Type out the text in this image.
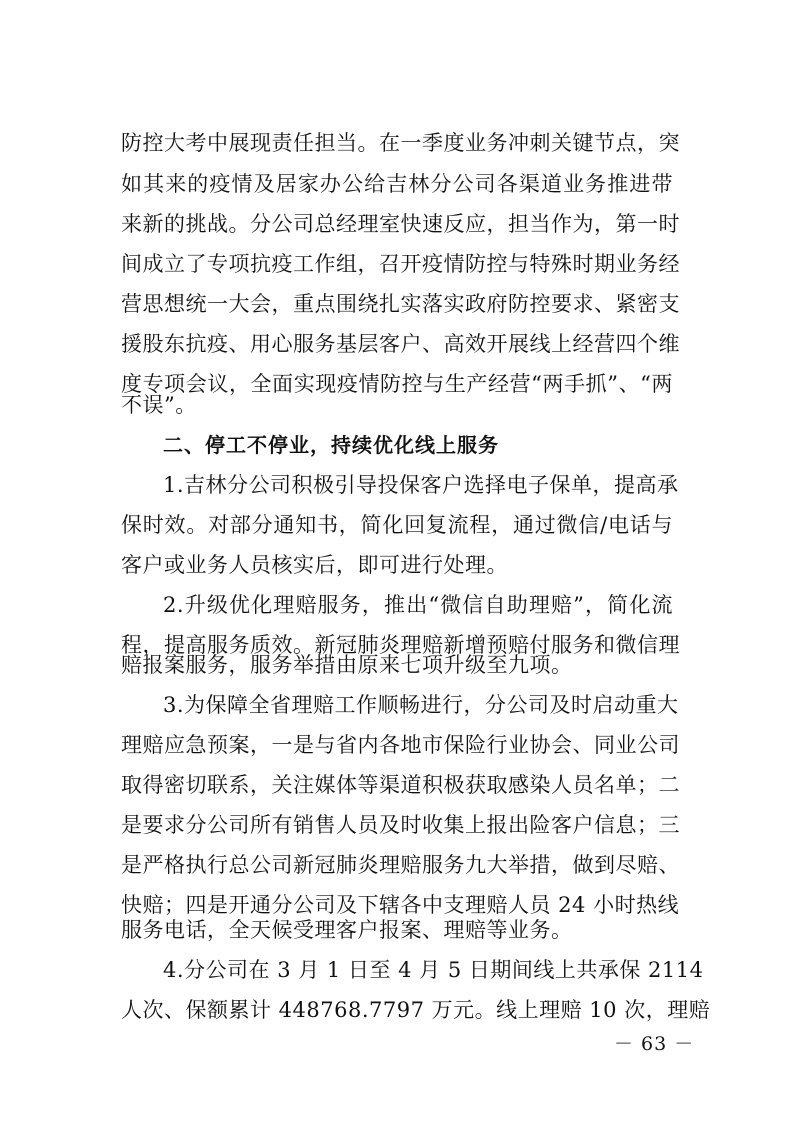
防控大考中展现责任担当。在一季度业务冲刺关键节点，突
如其来的疫情及居家办公给吉林分公司各渠道业务推进带
来新的挑战。分公司总经理室快速反应，担当作为，第一时
间成立了专项抗疫工作组，召开疫情防控与特殊时期业务经
营思想统一大会，重点围绕扎实落实政府防控要求、紧密支
援股东抗疫、用心服务基层客户、高效开展线上经营四个维
度专项会议，全面实现疫情防控与生产经营“两手抓”、“两
不误”。
二、停工不停业，持续优化线上服务
1.吉林分公司积极引导投保客户选择电子保单，提高承
保时效。对部分通知书，简化回复流程，通过微信/电话与
客户或业务人员核实后，即可进行处理。
2.升级优化理赔服务，推出“微信自助理赔”，简化流
程，提高服务质效。新冠肺炎理赔新增预赔付服务和微信理
赔报案服务，服务举措由原来七项升级至九项。
3.为保障全省理赔工作顺畅进行，分公司及时启动重大
理赔应急预案，一是与省内各地市保险行业协会、同业公司
取得密切联系，关注媒体等渠道积极获取感染人员名单；二
是要求分公司所有销售人员及时收集上报出险客户信息；三
是严格执行总公司新冠肺炎理赔服务九大举措，做到尽赔、
快赔；四是开通分公司及下辖各中支理赔人员 24 小时热线
服务电话，全天候受理客户报案、理赔等业务。
4.分公司在 3 月 1 日至 4 月 5 日期间线上共承保 2114
人次、保额累计 448768.7797 万元。线上理赔 10 次，理赔
－ 63 －
